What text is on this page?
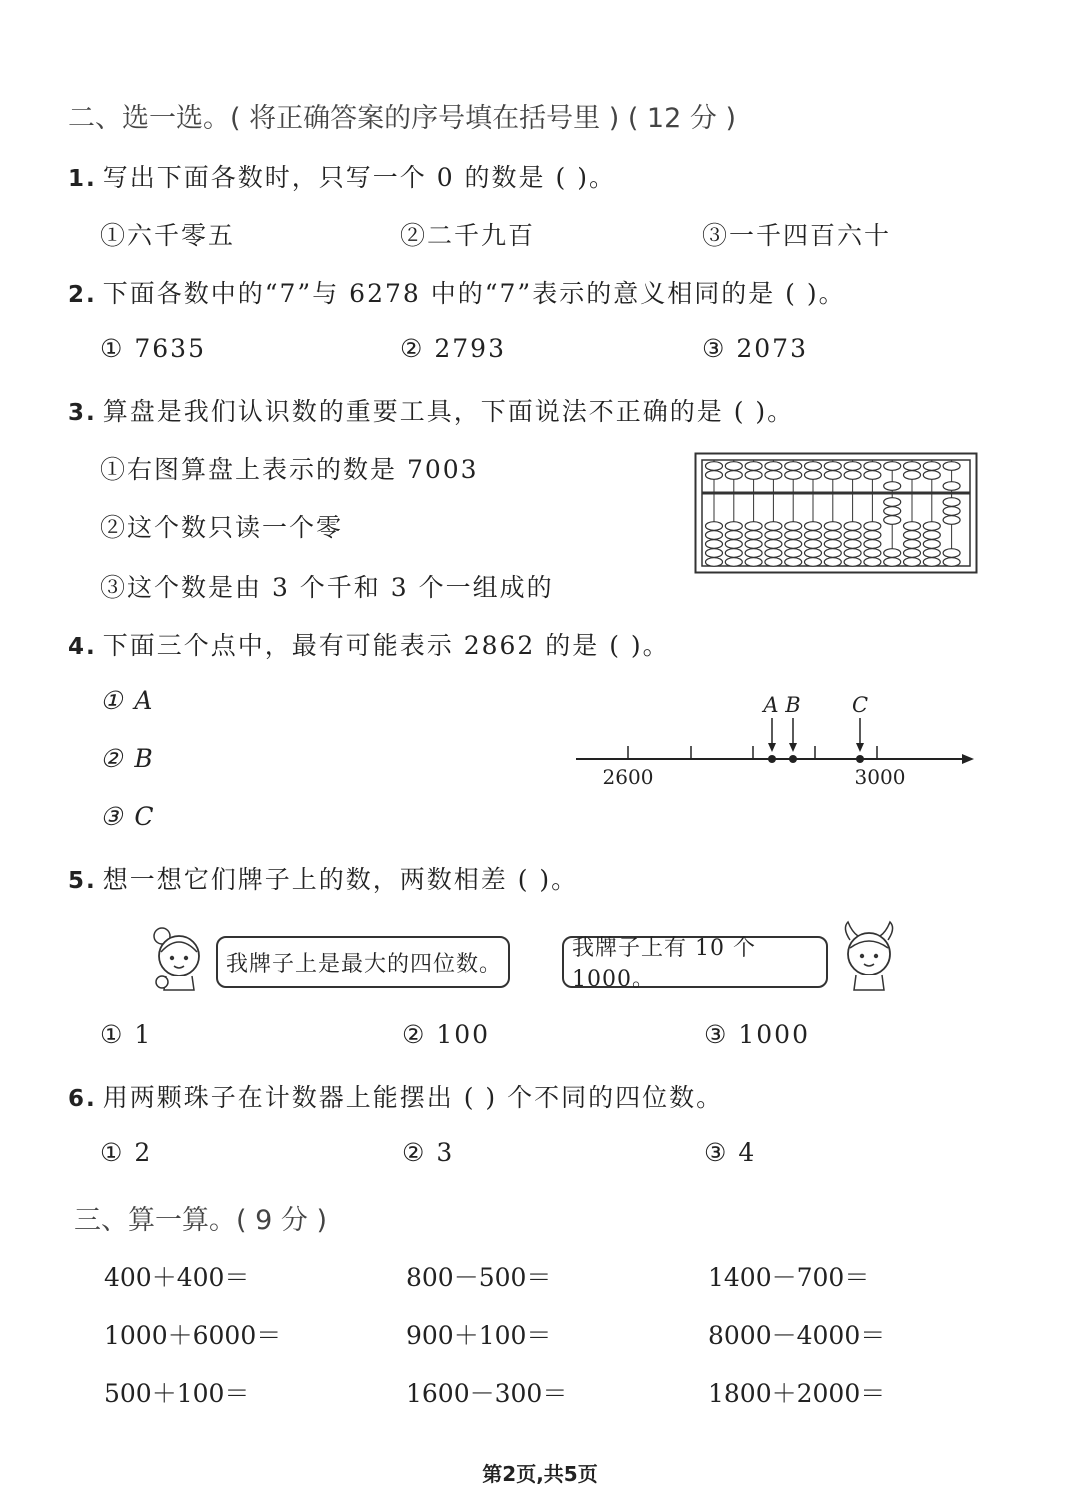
二、选一选。( 将正确答案的序号填在括号里 ) ( 12 分 )
1. 写出下面各数时，只写一个 0 的数是 ( )。
①六千零五	②二千九百	③一千四百六十
2. 下面各数中的“7”与 6278 中的“7”表示的意义相同的是 ( )。
① 7635	② 2793	③ 2073
3. 算盘是我们认识数的重要工具，下面说法不正确的是 ( )。
①右图算盘上表示的数是 7003
②这个数只读一个零
③这个数是由 3 个千和 3 个一组成的
4. 下面三个点中，最有可能表示 2862 的是 ( )。
① A
② B
③ C
A B C
2600	3000
5. 想一想它们牌子上的数，两数相差 ( )。
我牌子上是最大的四位数。
我牌子上有 10 个 1000。
① 1	② 100	③ 1000
6. 用两颗珠子在计数器上能摆出 ( ) 个不同的四位数。
① 2	② 3	③ 4
三、算一算。( 9 分 )
400＋400＝	800－500＝	1400－700＝
1000＋6000＝	900＋100＝	8000－4000＝
500＋100＝	1600－300＝	1800＋2000＝
第2页,共5页
